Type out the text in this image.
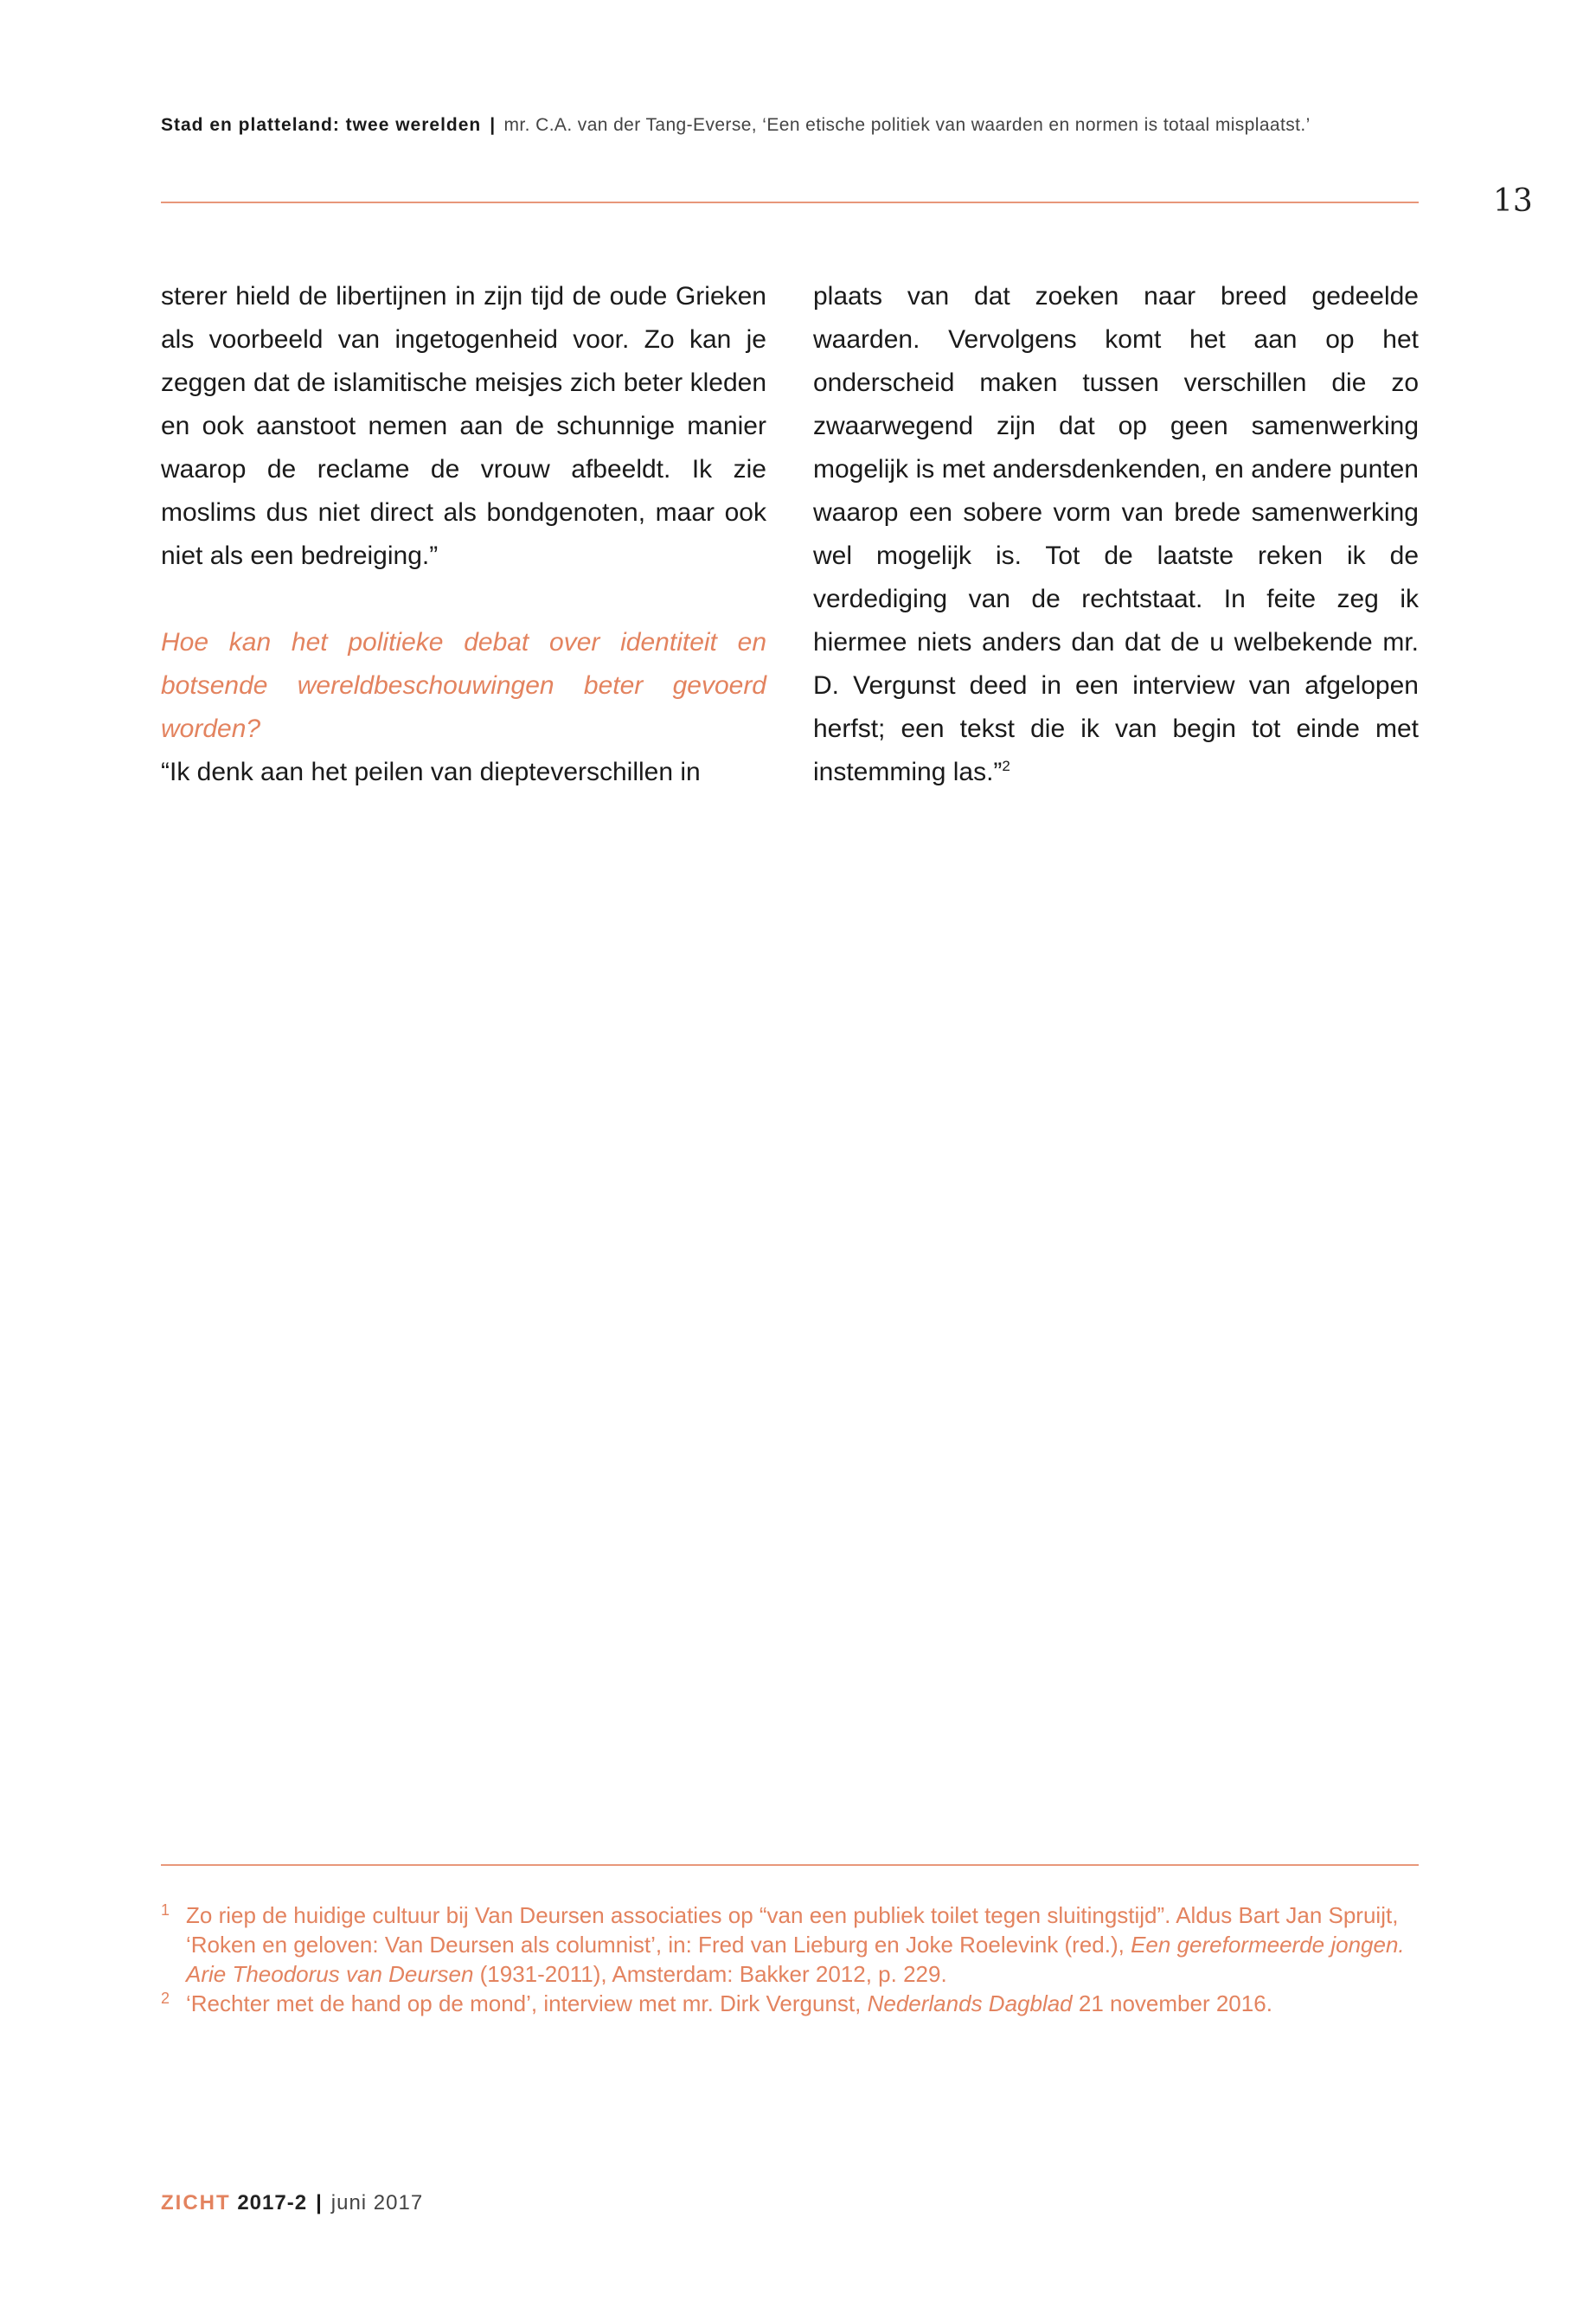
Stad en platteland: twee werelden | mr. C.A. van der Tang-Everse, ‘Een etische politiek van waarden en normen is totaal misplaatst.’
13

sterer hield de libertijnen in zijn tijd de oude Grieken als voorbeeld van ingetogenheid voor. Zo kan je zeggen dat de islamitische meisjes zich beter kleden en ook aanstoot nemen aan de schunnige manier waarop de reclame de vrouw afbeeldt. Ik zie moslims dus niet direct als bondgenoten, maar ook niet als een bedreiging.”

Hoe kan het politieke debat over identiteit en botsende wereldbeschouwingen beter gevoerd worden?

“Ik denk aan het peilen van diepteverschillen in

plaats van dat zoeken naar breed gedeelde waarden. Vervolgens komt het aan op het onderscheid maken tussen verschillen die zo zwaarwegend zijn dat op geen samenwerking mogelijk is met andersdenkenden, en andere punten waarop een sobere vorm van brede samenwerking wel mogelijk is. Tot de laatste reken ik de verdediging van de rechtstaat. In feite zeg ik hiermee niets anders dan dat de u welbekende mr. D. Vergunst deed in een interview van afgelopen herfst; een tekst die ik van begin tot einde met instemming las.”$^2$

1 Zo riep de huidige cultuur bij Van Deursen associaties op “van een publiek toilet tegen sluitingstijd”. Aldus Bart Jan Spruijt, ‘Roken en geloven: Van Deursen als columnist’, in: Fred van Lieburg en Joke Roelevink (red.), Een gereformeerde jongen. Arie Theodorus van Deursen (1931-2011), Amsterdam: Bakker 2012, p. 229.
2 ‘Rechter met de hand op de mond’, interview met mr. Dirk Vergunst, Nederlands Dagblad 21 november 2016.
ZICHT 2017-2 | juni 2017
